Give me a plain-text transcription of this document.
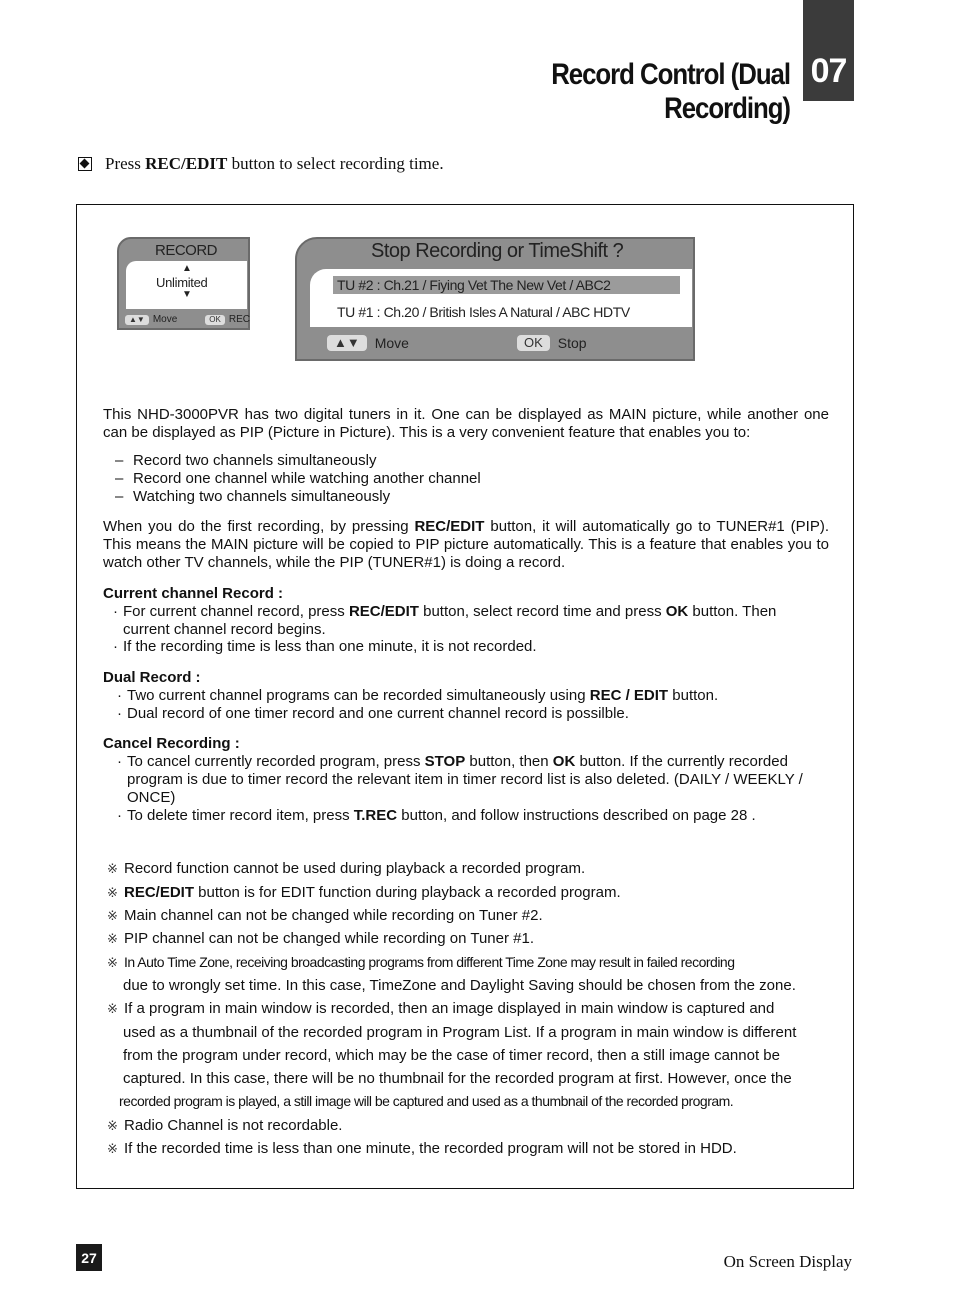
Record Control (Dual Recording)
07
Press REC/EDIT button to select recording time.
RECORD
▲
Unlimited
▼
▲▼ Move	OK REC
Stop Recording or TimeShift ?
TU #2 : Ch.21 / Fiying Vet The New Vet / ABC2
TU #1 : Ch.20 / British Isles A Natural / ABC HDTV
▲▼	Move	OK	Stop
This NHD-3000PVR has two digital tuners in it. One can be displayed as MAIN picture, while another one can be displayed as PIP (Picture in Picture). This is a very convenient feature that enables you to:
– Record two channels simultaneously
– Record one channel while watching another channel
– Watching two channels simultaneously
When you do the first recording, by pressing REC/EDIT button, it will automatically go to TUNER#1 (PIP). This means the MAIN picture will be copied to PIP picture automatically. This is a feature that enables you to watch other TV channels, while the PIP (TUNER#1) is doing a record.
Current channel Record :
· For current channel record, press REC/EDIT button, select record time and press OK button. Then current channel record begins.
· If the recording time is less than one minute, it is not recorded.
Dual Record :
· Two current channel programs can be recorded simultaneously using REC / EDIT button.
· Dual record of one timer record and one current channel record is possilble.
Cancel Recording :
· To cancel currently recorded program, press STOP button, then OK button. If the currently recorded program is due to timer record the relevant item in timer record list is also deleted. (DAILY / WEEKLY / ONCE)
· To delete timer record item, press T.REC button, and follow instructions described on page 28 .
※ Record function cannot be used during playback a recorded program.
※ REC/EDIT button is for EDIT function during playback a recorded program.
※ Main channel can not be changed while recording on Tuner #2.
※ PIP channel can not be changed while recording on Tuner #1.
※ In Auto Time Zone, receiving broadcasting programs from different Time Zone may result in failed recording
due to wrongly set time. In this case, TimeZone and Daylight Saving should be chosen from the zone.
※ If a program in main window is recorded, then an image displayed in main window is captured and
used as a thumbnail of the recorded program in Program List. If a program in main window is different
from the program under record, which may be the case of timer record, then a still image cannot be
captured. In this case, there will be no thumbnail for the recorded program at first. However, once the
recorded program is played, a still image will be captured and used as a thumbnail of the recorded program.
※ Radio Channel is not recordable.
※ If the recorded time is less than one minute, the recorded program will not be stored in HDD.
27	On Screen Display
